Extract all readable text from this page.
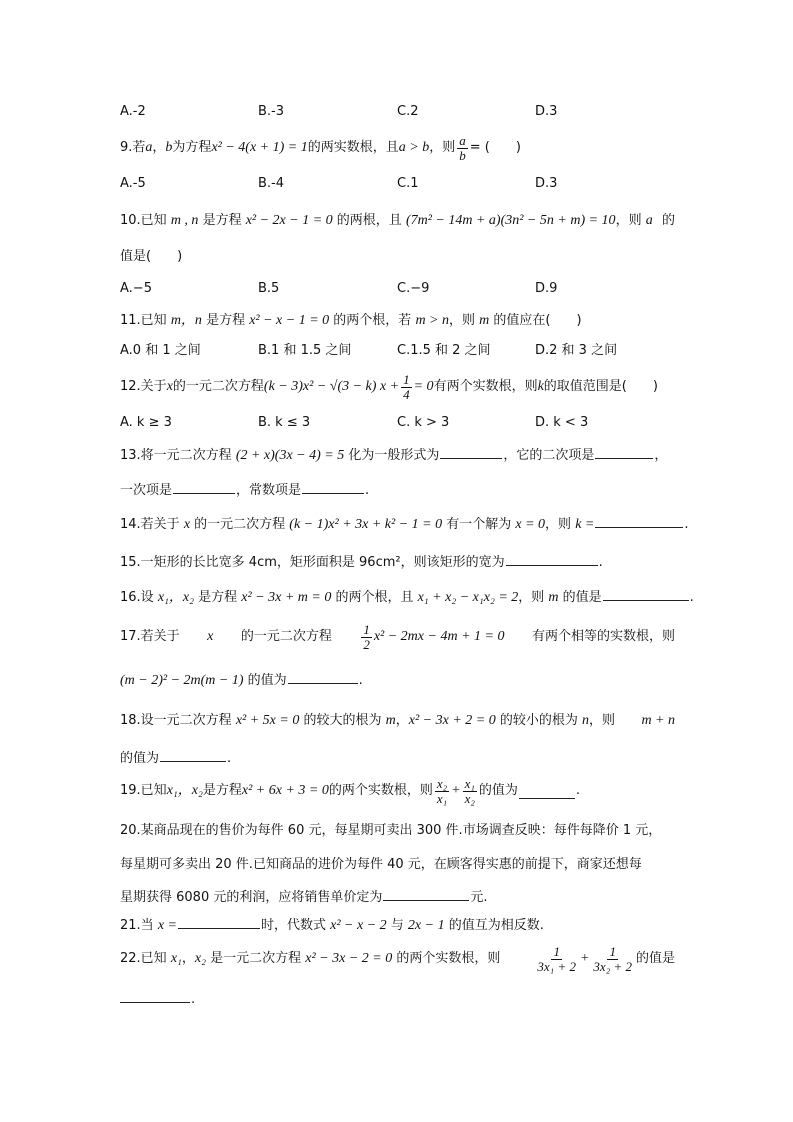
A.-2	B.-3	C.2	D.3
9.若 a ， b 为方程 x² − 4(x + 1) = 1 的两实数根，且 a > b ，则 $\frac{a}{b}$ = (　　)
A.-5	B.-4	C.1	D.3
10.已知 m , n 是方程 x² − 2x − 1 = 0 的两根，且 (7m² − 14m + a)(3n² − 5n + m) = 10，则 a 的
值是(　　)
A.−5	B.5	C.−9	D.9
11.已知 m，n 是方程 x² − x − 1 = 0 的两个根，若 m > n，则 m 的值应在(　　)
A.0 和 1 之间	B.1 和 1.5 之间	C.1.5 和 2 之间	D.2 和 3 之间
12.关于 x 的一元二次方程 (k − 3)x² − √(3 − k) $x + \frac{1}{4} = 0$ 有两个实数根，则 k 的取值范围是(　　)
A. k ≥ 3	B. k ≤ 3	C. k > 3	D. k < 3
13.将一元二次方程 (2 + x)(3x − 4) = 5 化为一般形式为	，它的二次项是	，
一次项是	，常数项是	.
14.若关于 x 的一元二次方程 (k − 1)x² + 3x + k² − 1 = 0 有一个解为 x = 0，则 k =	.
15.一矩形的长比宽多 4cm，矩形面积是 96cm²，则该矩形的宽为	.
16.设 x₁，x₂ 是方程 x² − 3x + m = 0 的两个根，且 x₁ + x₂ − x₁x₂ = 2，则 m 的值是	.
17.若关于 x 的一元二次方程 $\frac{1}{2} x^2 - 2mx - 4m + 1 = 0$ 有两个相等的实数根，则
(m − 2)² − 2m(m − 1) 的值为	.
18.设一元二次方程 x² + 5x = 0 的较大的根为 m，x² − 3x + 2 = 0 的较小的根为 n，则 m + n
的值为	.
19.已知 x₁，x₂ 是方程 x² + 6x + 3 = 0 的两个实数根，则 $\frac{\text{x₂}}{\text{x₁}} + \frac{\text{x₁}}{\text{x₂}}$ 的值为	.
20.某商品现在的售价为每件 60 元，每星期可卖出 300 件.市场调查反映：每件每降价 1 元，
每星期可多卖出 20 件.已知商品的进价为每件 40 元，在顾客得实惠的前提下，商家还想每
星期获得 6080 元的利润，应将销售单价定为	元.
21.当 x =	时，代数式 x² − x − 2 与 2x − 1 的值互为相反数.
22.已知 x₁，x₂ 是一元二次方程 x² − 3x − 2 = 0 的两个实数根，则	$\frac{1}{\text{3x₁ + 2}} + \frac{1}{\text{3x₂ + 2}}$ 的值是
.
